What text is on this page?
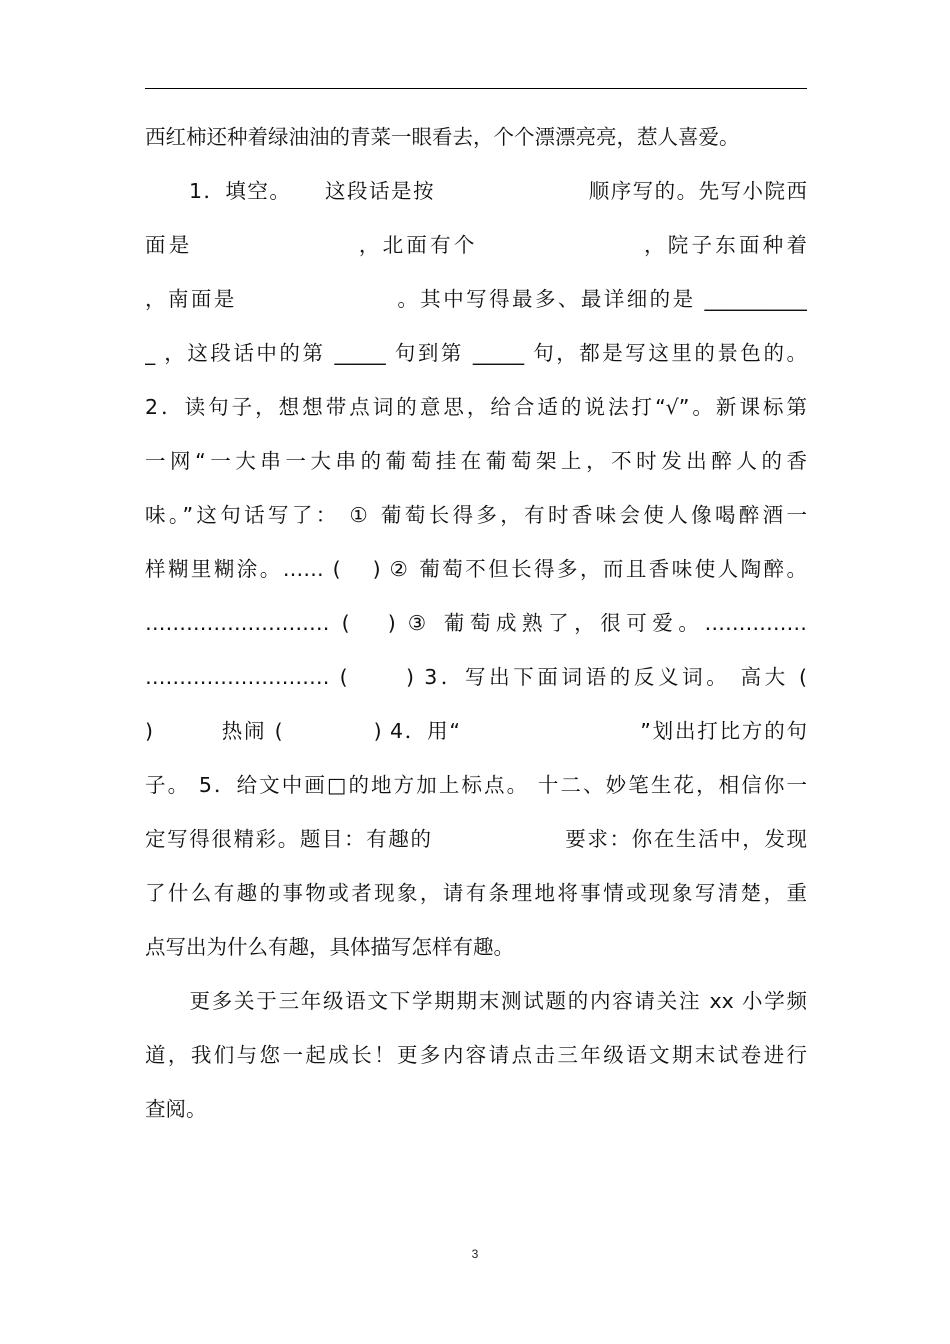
西红柿还种着绿油油的青菜一眼看去，个个漂漂亮亮，惹人喜爱。
　　1．填空。　　这段话是按　　　　　　　顺序写的。先写小院西
面是　　　　　　　，北面有个　　　　　　　，院子东面种着
，南面是　　　　　　　。其中写得最多、最详细的是 __________
_ ，这段话中的第 _____ 句到第 _____ 句，都是写这里的景色的。
2．读句子，想想带点词的意思，给合适的说法打“√”。新课标第
一网“一大串一大串的葡萄挂在葡萄架上，不时发出醉人的香
味。”这句话写了： ① 葡萄长得多，有时香味会使人像喝醉酒一
样糊里糊涂。…… ( 　) ② 葡萄不但长得多，而且香味使人陶醉。
……………………… ( 　) ③ 葡萄成熟了，很可爱。……………
……………………… ( 　　) 3．写出下面词语的反义词。 高大 (
)　　　热闹 (　　　　) 4．用“　　　　　　　　”划出打比方的句
子。 5．给文中画□的地方加上标点。 十二、妙笔生花，相信你一
定写得很精彩。题目：有趣的　　　　　　要求：你在生活中，发现
了什么有趣的事物或者现象，请有条理地将事情或现象写清楚，重
点写出为什么有趣，具体描写怎样有趣。
　　更多关于三年级语文下学期期末测试题的内容请关注 xx 小学频
道，我们与您一起成长！更多内容请点击三年级语文期末试卷进行
查阅。
3
